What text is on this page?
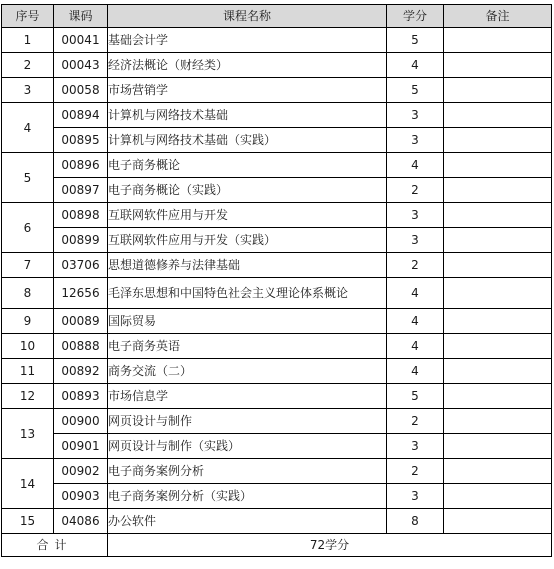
序号	课码	课程名称	学分	备注
1	00041	基础会计学	5	
2	00043	经济法概论（财经类）	4	
3	00058	市场营销学	5	
4	00894	计算机与网络技术基础	3	
	00895	计算机与网络技术基础（实践）	3	
5	00896	电子商务概论	4	
	00897	电子商务概论（实践）	2	
6	00898	互联网软件应用与开发	3	
	00899	互联网软件应用与开发（实践）	3	
7	03706	思想道德修养与法律基础	2	
8	12656	毛泽东思想和中国特色社会主义理论体系概论	4	
9	00089	国际贸易	4	
10	00888	电子商务英语	4	
11	00892	商务交流（二）	4	
12	00893	市场信息学	5	
13	00900	网页设计与制作	2	
	00901	网页设计与制作（实践）	3	
14	00902	电子商务案例分析	2	
	00903	电子商务案例分析（实践）	3	
15	04086	办公软件	8	
合计		72学分		
